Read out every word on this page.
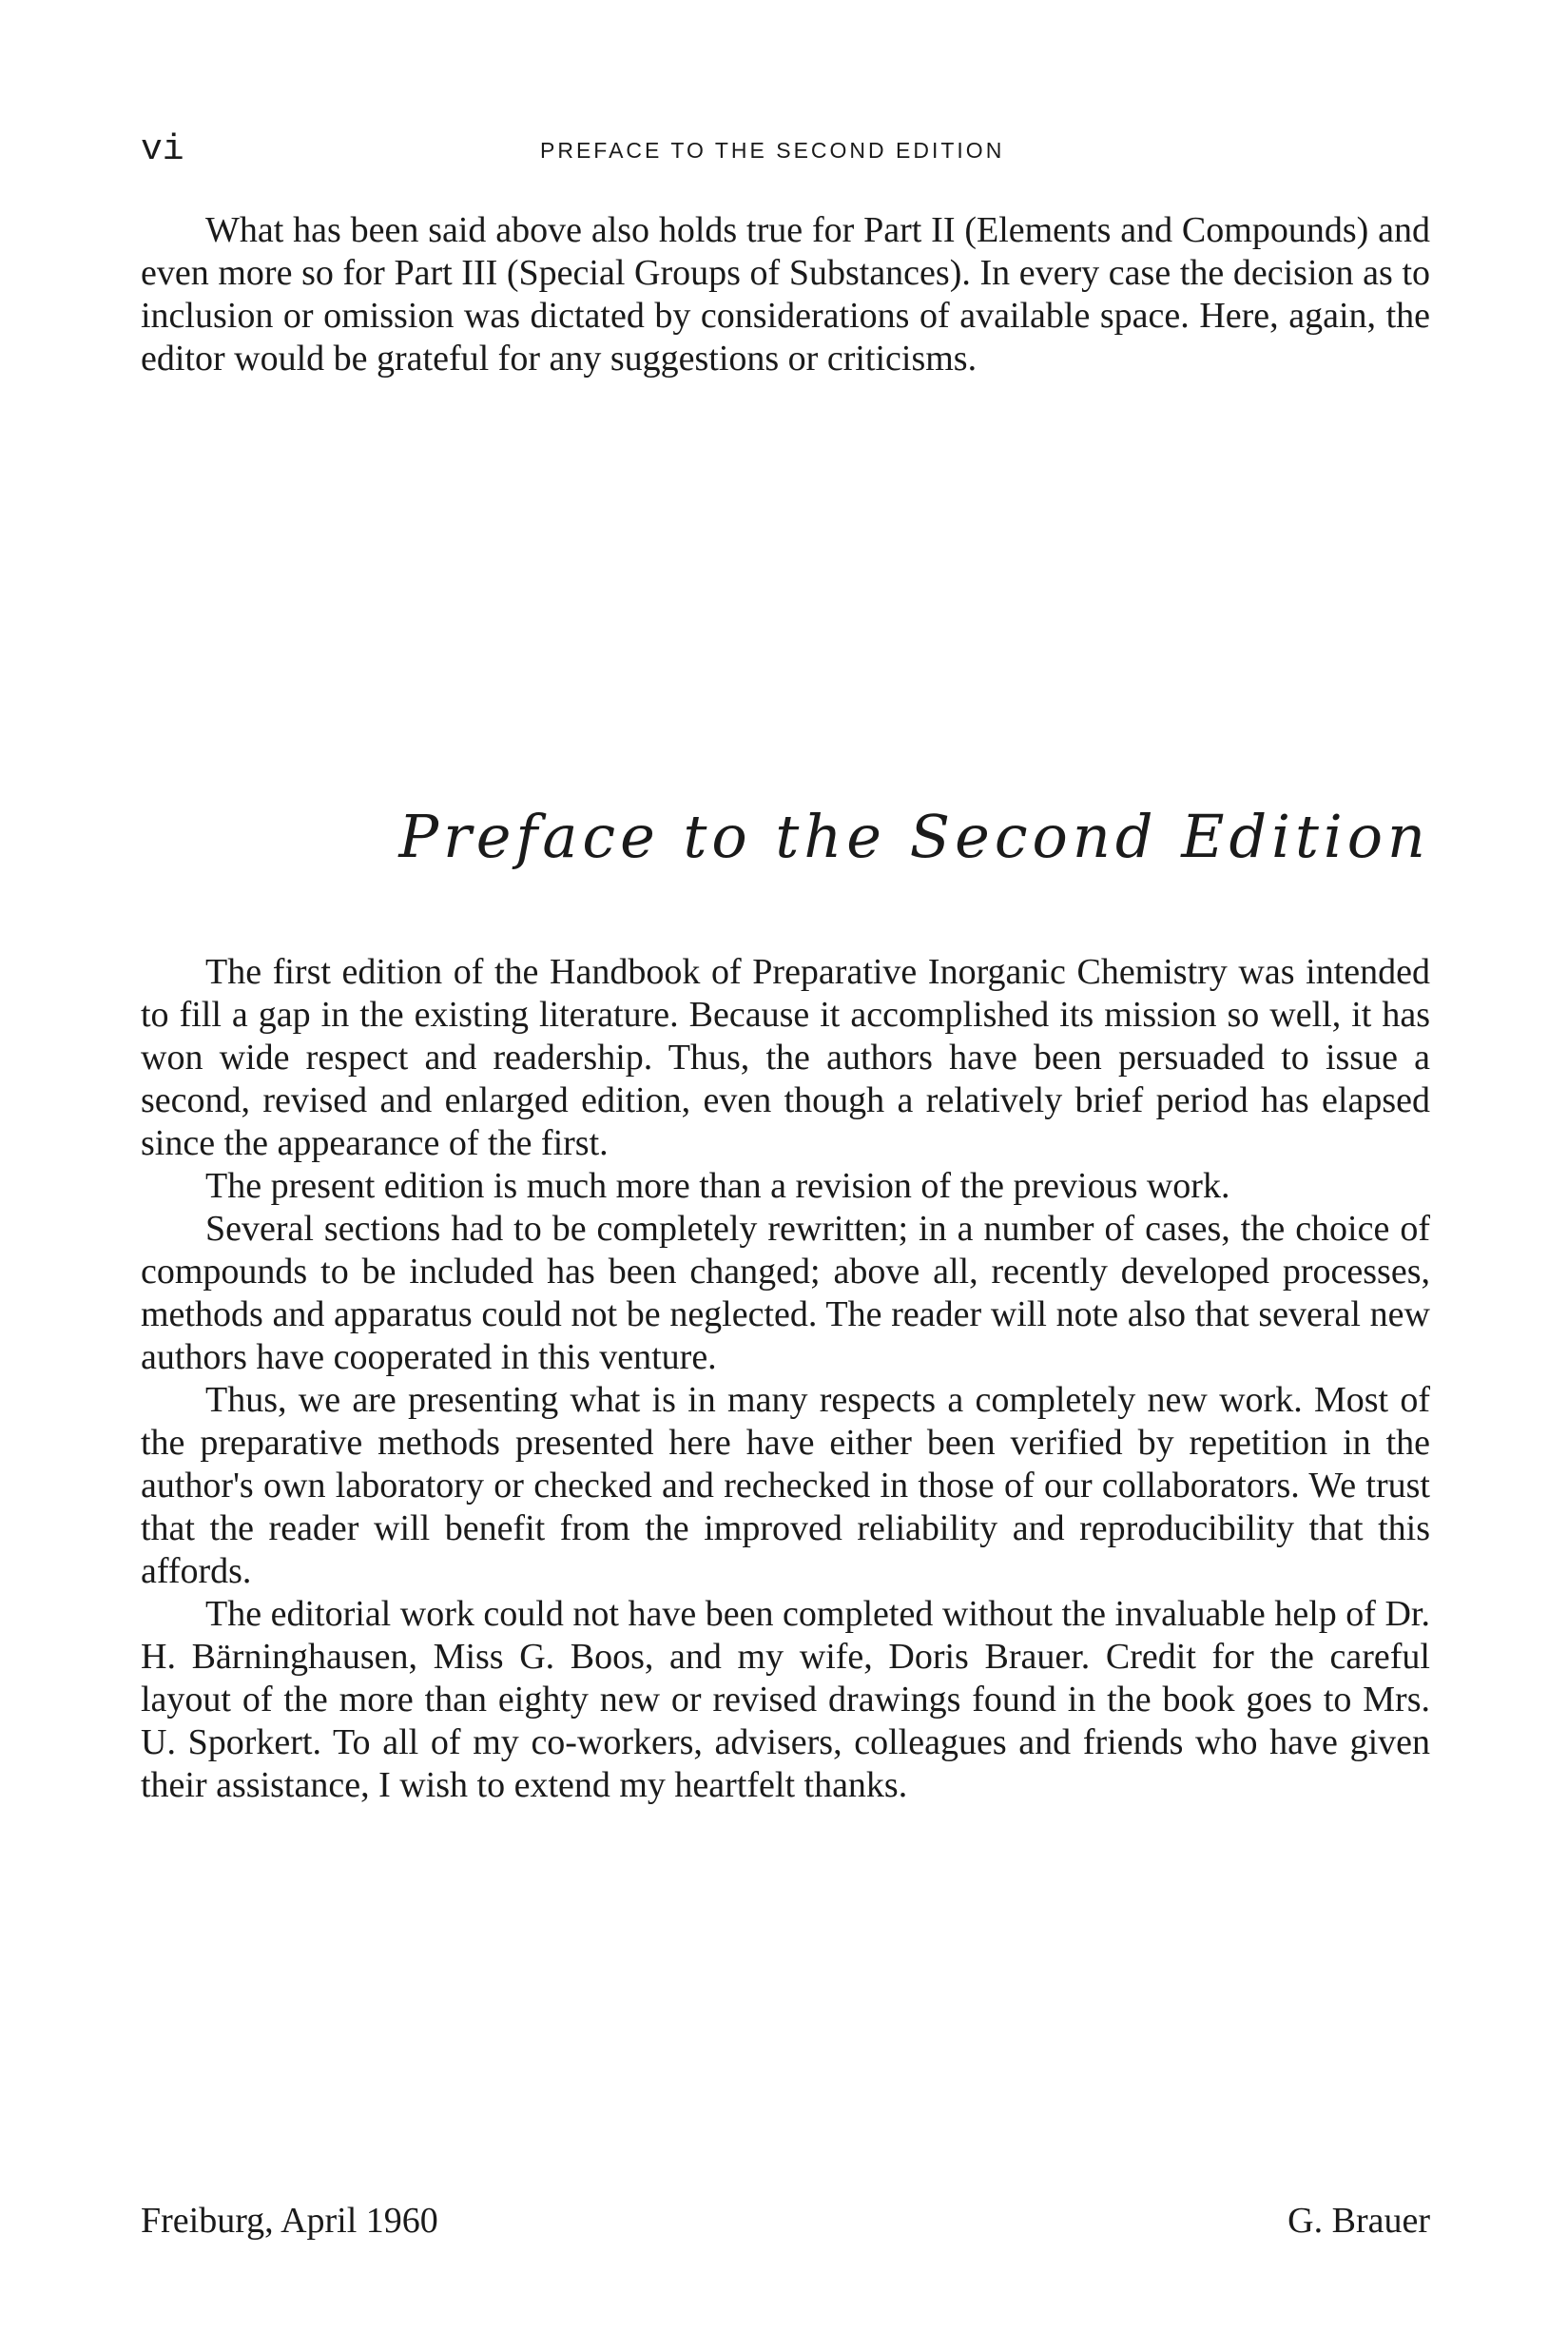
vi	PREFACE TO THE SECOND EDITION

What has been said above also holds true for Part II (Elements and Compounds) and even more so for Part III (Special Groups of Substances). In every case the decision as to inclusion or omission was dictated by considerations of available space. Here, again, the editor would be grateful for any suggestions or criticisms.

Preface to the Second Edition

The first edition of the Handbook of Preparative Inorganic Chemistry was intended to fill a gap in the existing literature. Because it accomplished its mission so well, it has won wide respect and readership. Thus, the authors have been persuaded to issue a second, revised and enlarged edition, even though a relatively brief period has elapsed since the appearance of the first.

The present edition is much more than a revision of the previous work.

Several sections had to be completely rewritten; in a number of cases, the choice of compounds to be included has been changed; above all, recently developed processes, methods and apparatus could not be neglected. The reader will note also that several new authors have cooperated in this venture.

Thus, we are presenting what is in many respects a completely new work. Most of the preparative methods presented here have either been verified by repetition in the author's own laboratory or checked and rechecked in those of our collaborators. We trust that the reader will benefit from the improved reliability and reproducibility that this affords.

The editorial work could not have been completed without the invaluable help of Dr. H. Bärninghausen, Miss G. Boos, and my wife, Doris Brauer. Credit for the careful layout of the more than eighty new or revised drawings found in the book goes to Mrs. U. Sporkert. To all of my co-workers, advisers, colleagues and friends who have given their assistance, I wish to extend my heartfelt thanks.

Freiburg, April 1960	G. Brauer
